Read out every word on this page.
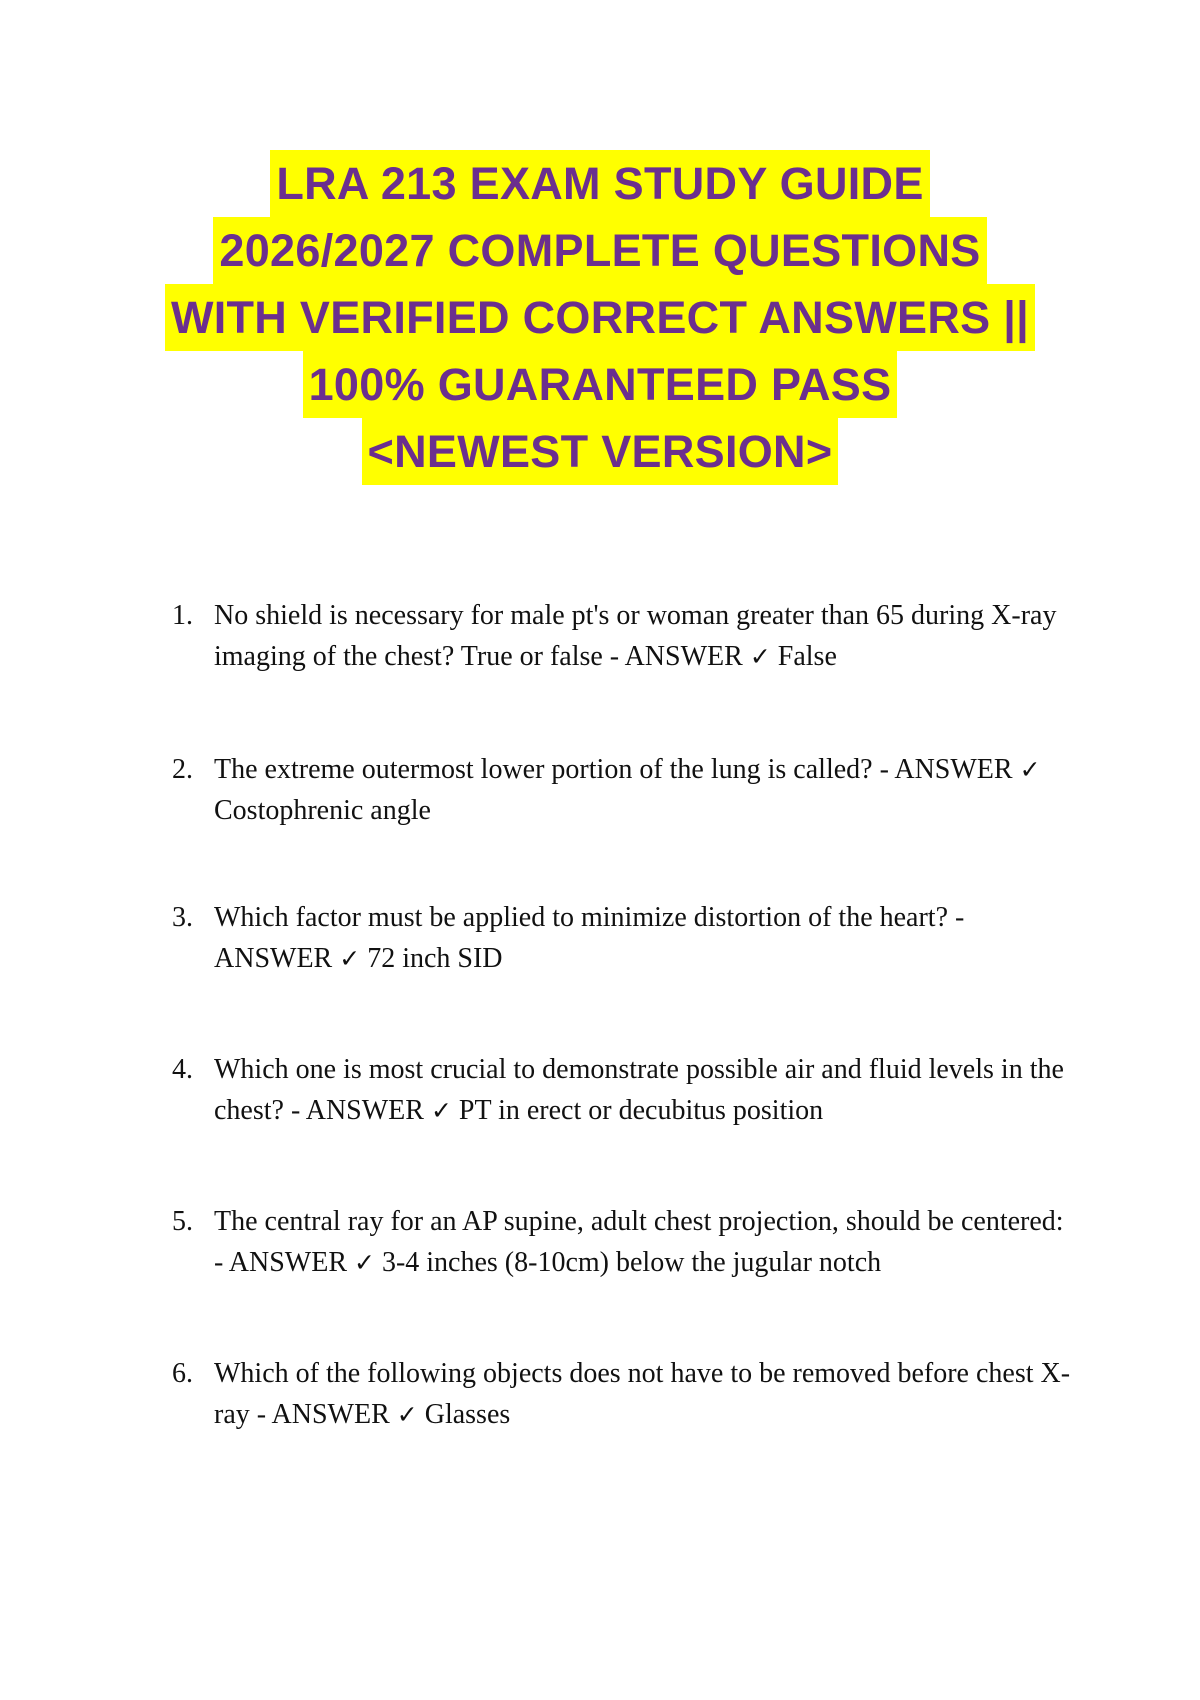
LRA 213 EXAM STUDY GUIDE
2026/2027 COMPLETE QUESTIONS
WITH VERIFIED CORRECT ANSWERS ||
100% GUARANTEED PASS
<NEWEST VERSION>
1. No shield is necessary for male pt's or woman greater than 65 during X-ray
imaging of the chest? True or false - ANSWER ✓ False
2. The extreme outermost lower portion of the lung is called? - ANSWER ✓
Costophrenic angle
3. Which factor must be applied to minimize distortion of the heart? -
ANSWER ✓ 72 inch SID
4. Which one is most crucial to demonstrate possible air and fluid levels in the
chest? - ANSWER ✓ PT in erect or decubitus position
5. The central ray for an AP supine, adult chest projection, should be centered:
- ANSWER ✓ 3-4 inches (8-10cm) below the jugular notch
6. Which of the following objects does not have to be removed before chest X-
ray - ANSWER ✓ Glasses
